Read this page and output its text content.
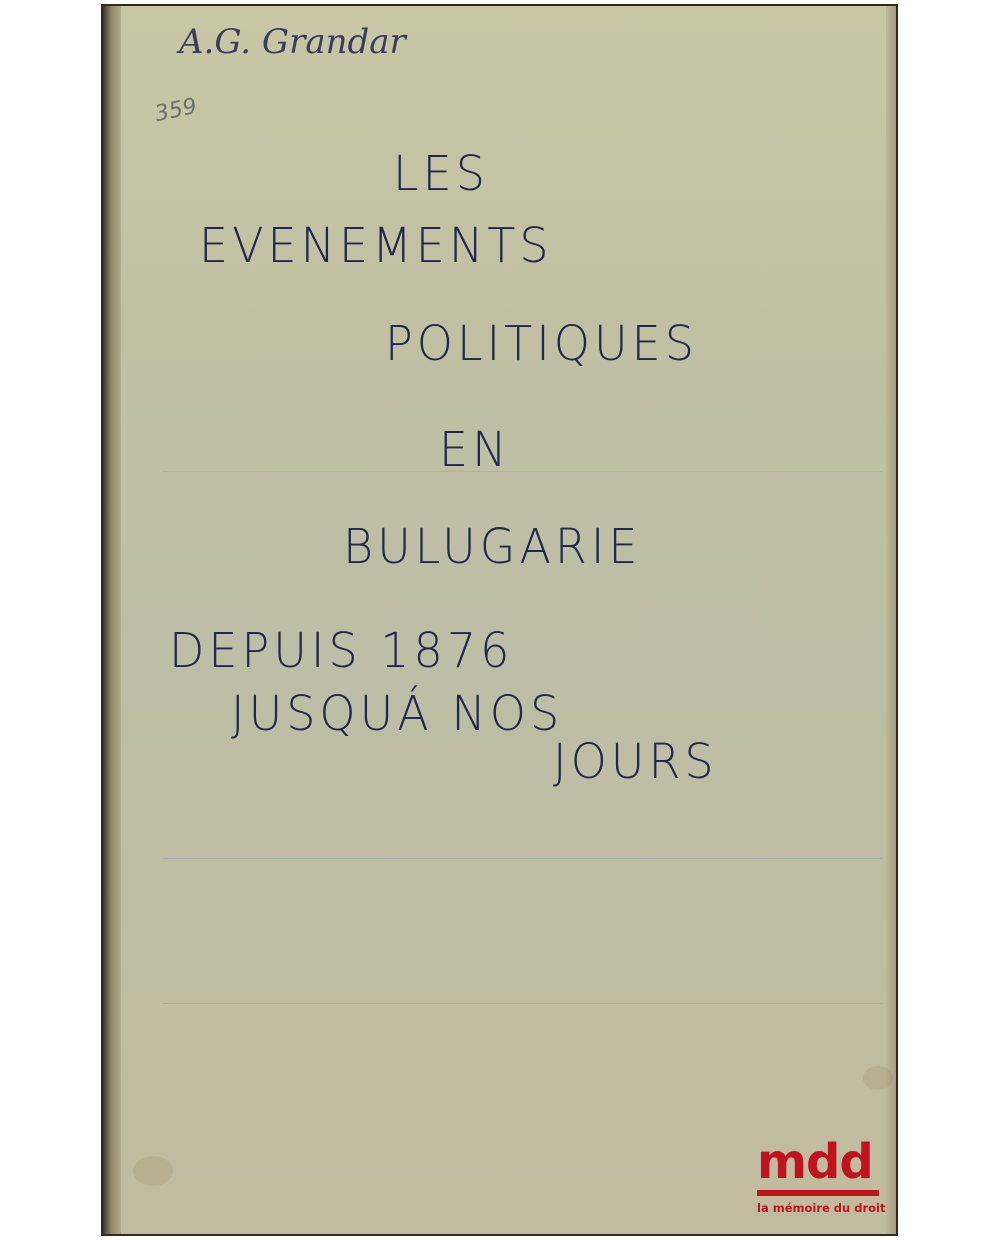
A.G. Grandar
359
LES
EVENEMENTS
POLITIQUES
EN
BULUGARIE
DEPUIS 1876
JUSQUÁ NOS
JOURS
mdd
la mémoire du droit
